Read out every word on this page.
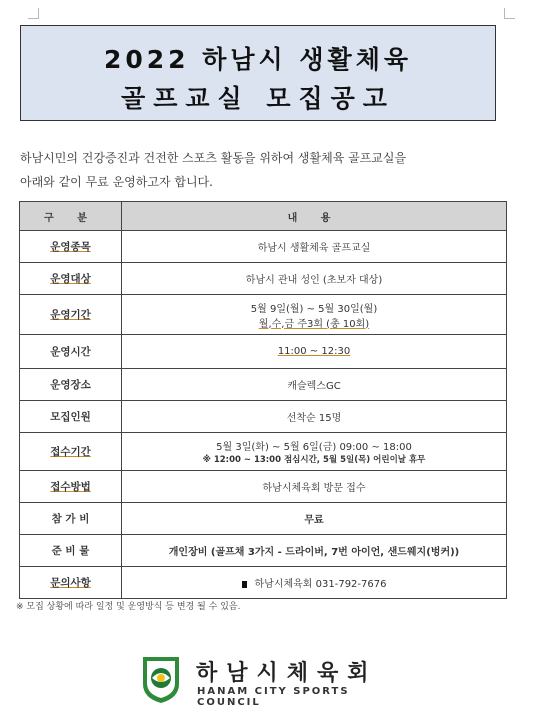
2022 하남시 생활체육
골프교실 모집공고
하남시민의 건강증진과 건전한 스포츠 활동을 위하여 생활체육 골프교실을
아래와 같이 무료 운영하고자 합니다.
구 분	내 용
운영종목	하남시 생활체육 골프교실
운영대상	하남시 관내 성인 (초보자 대상)
운영기간	5월 9일(월) ~ 5월 30일(월)
월,수,금 주3회 (총 10회)

운영시간	11:00 ~ 12:30
운영장소	캐슬렉스GC
모집인원	선착순 15명
접수기간	5월 3일(화) ~ 5월 6일(금) 09:00 ~ 18:00
※ 12:00 ~ 13:00 점심시간, 5월 5일(목) 어린이날 휴무

접수방법	하남시체육회 방문 접수
참 가 비	무료
준 비 물	개인장비 (골프채 3가지 - 드라이버, 7번 아이언, 샌드웨지(벙커))
문의사항	하남시체육회 031-792-7676
※ 모집 상황에 따라 일정 및 운영방식 등 변경 될 수 있음.
하남시체육회
HANAM CITY SPORTS COUNCIL
